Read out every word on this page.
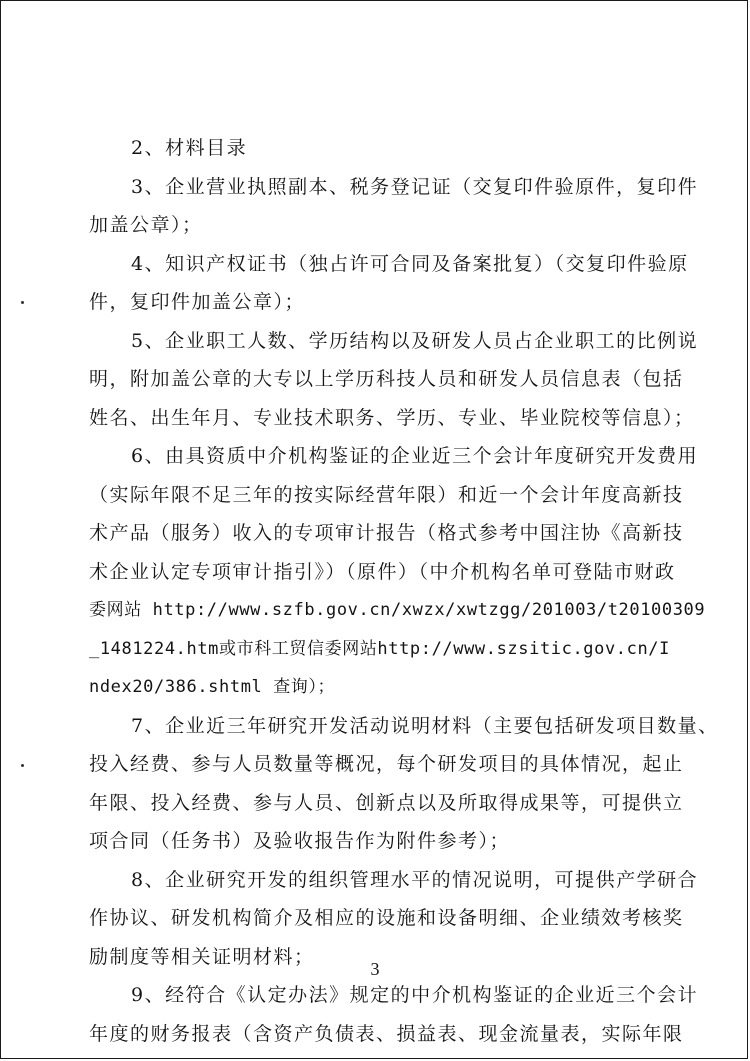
2、材料目录
3、企业营业执照副本、税务登记证（交复印件验原件，复印件
加盖公章）；
4、知识产权证书（独占许可合同及备案批复）（交复印件验原
件，复印件加盖公章）；
5、企业职工人数、学历结构以及研发人员占企业职工的比例说
明，附加盖公章的大专以上学历科技人员和研发人员信息表（包括
姓名、出生年月、专业技术职务、学历、专业、毕业院校等信息）；
6、由具资质中介机构鉴证的企业近三个会计年度研究开发费用
（实际年限不足三年的按实际经营年限）和近一个会计年度高新技
术产品（服务）收入的专项审计报告（格式参考中国注协《高新技
术企业认定专项审计指引》）（原件）（中介机构名单可登陆市财政
委网站 http://www.szfb.gov.cn/xwzx/xwtzgg/201003/t20100309
_1481224.htm或市科工贸信委网站http://www.szsitic.gov.cn/I
ndex20/386.shtml 查询）；
7、企业近三年研究开发活动说明材料（主要包括研发项目数量、
投入经费、参与人员数量等概况，每个研发项目的具体情况，起止
年限、投入经费、参与人员、创新点以及所取得成果等，可提供立
项合同（任务书）及验收报告作为附件参考）；
8、企业研究开发的组织管理水平的情况说明，可提供产学研合
作协议、研发机构简介及相应的设施和设备明细、企业绩效考核奖
励制度等相关证明材料；
9、经符合《认定办法》规定的中介机构鉴证的企业近三个会计
年度的财务报表（含资产负债表、损益表、现金流量表，实际年限
3
